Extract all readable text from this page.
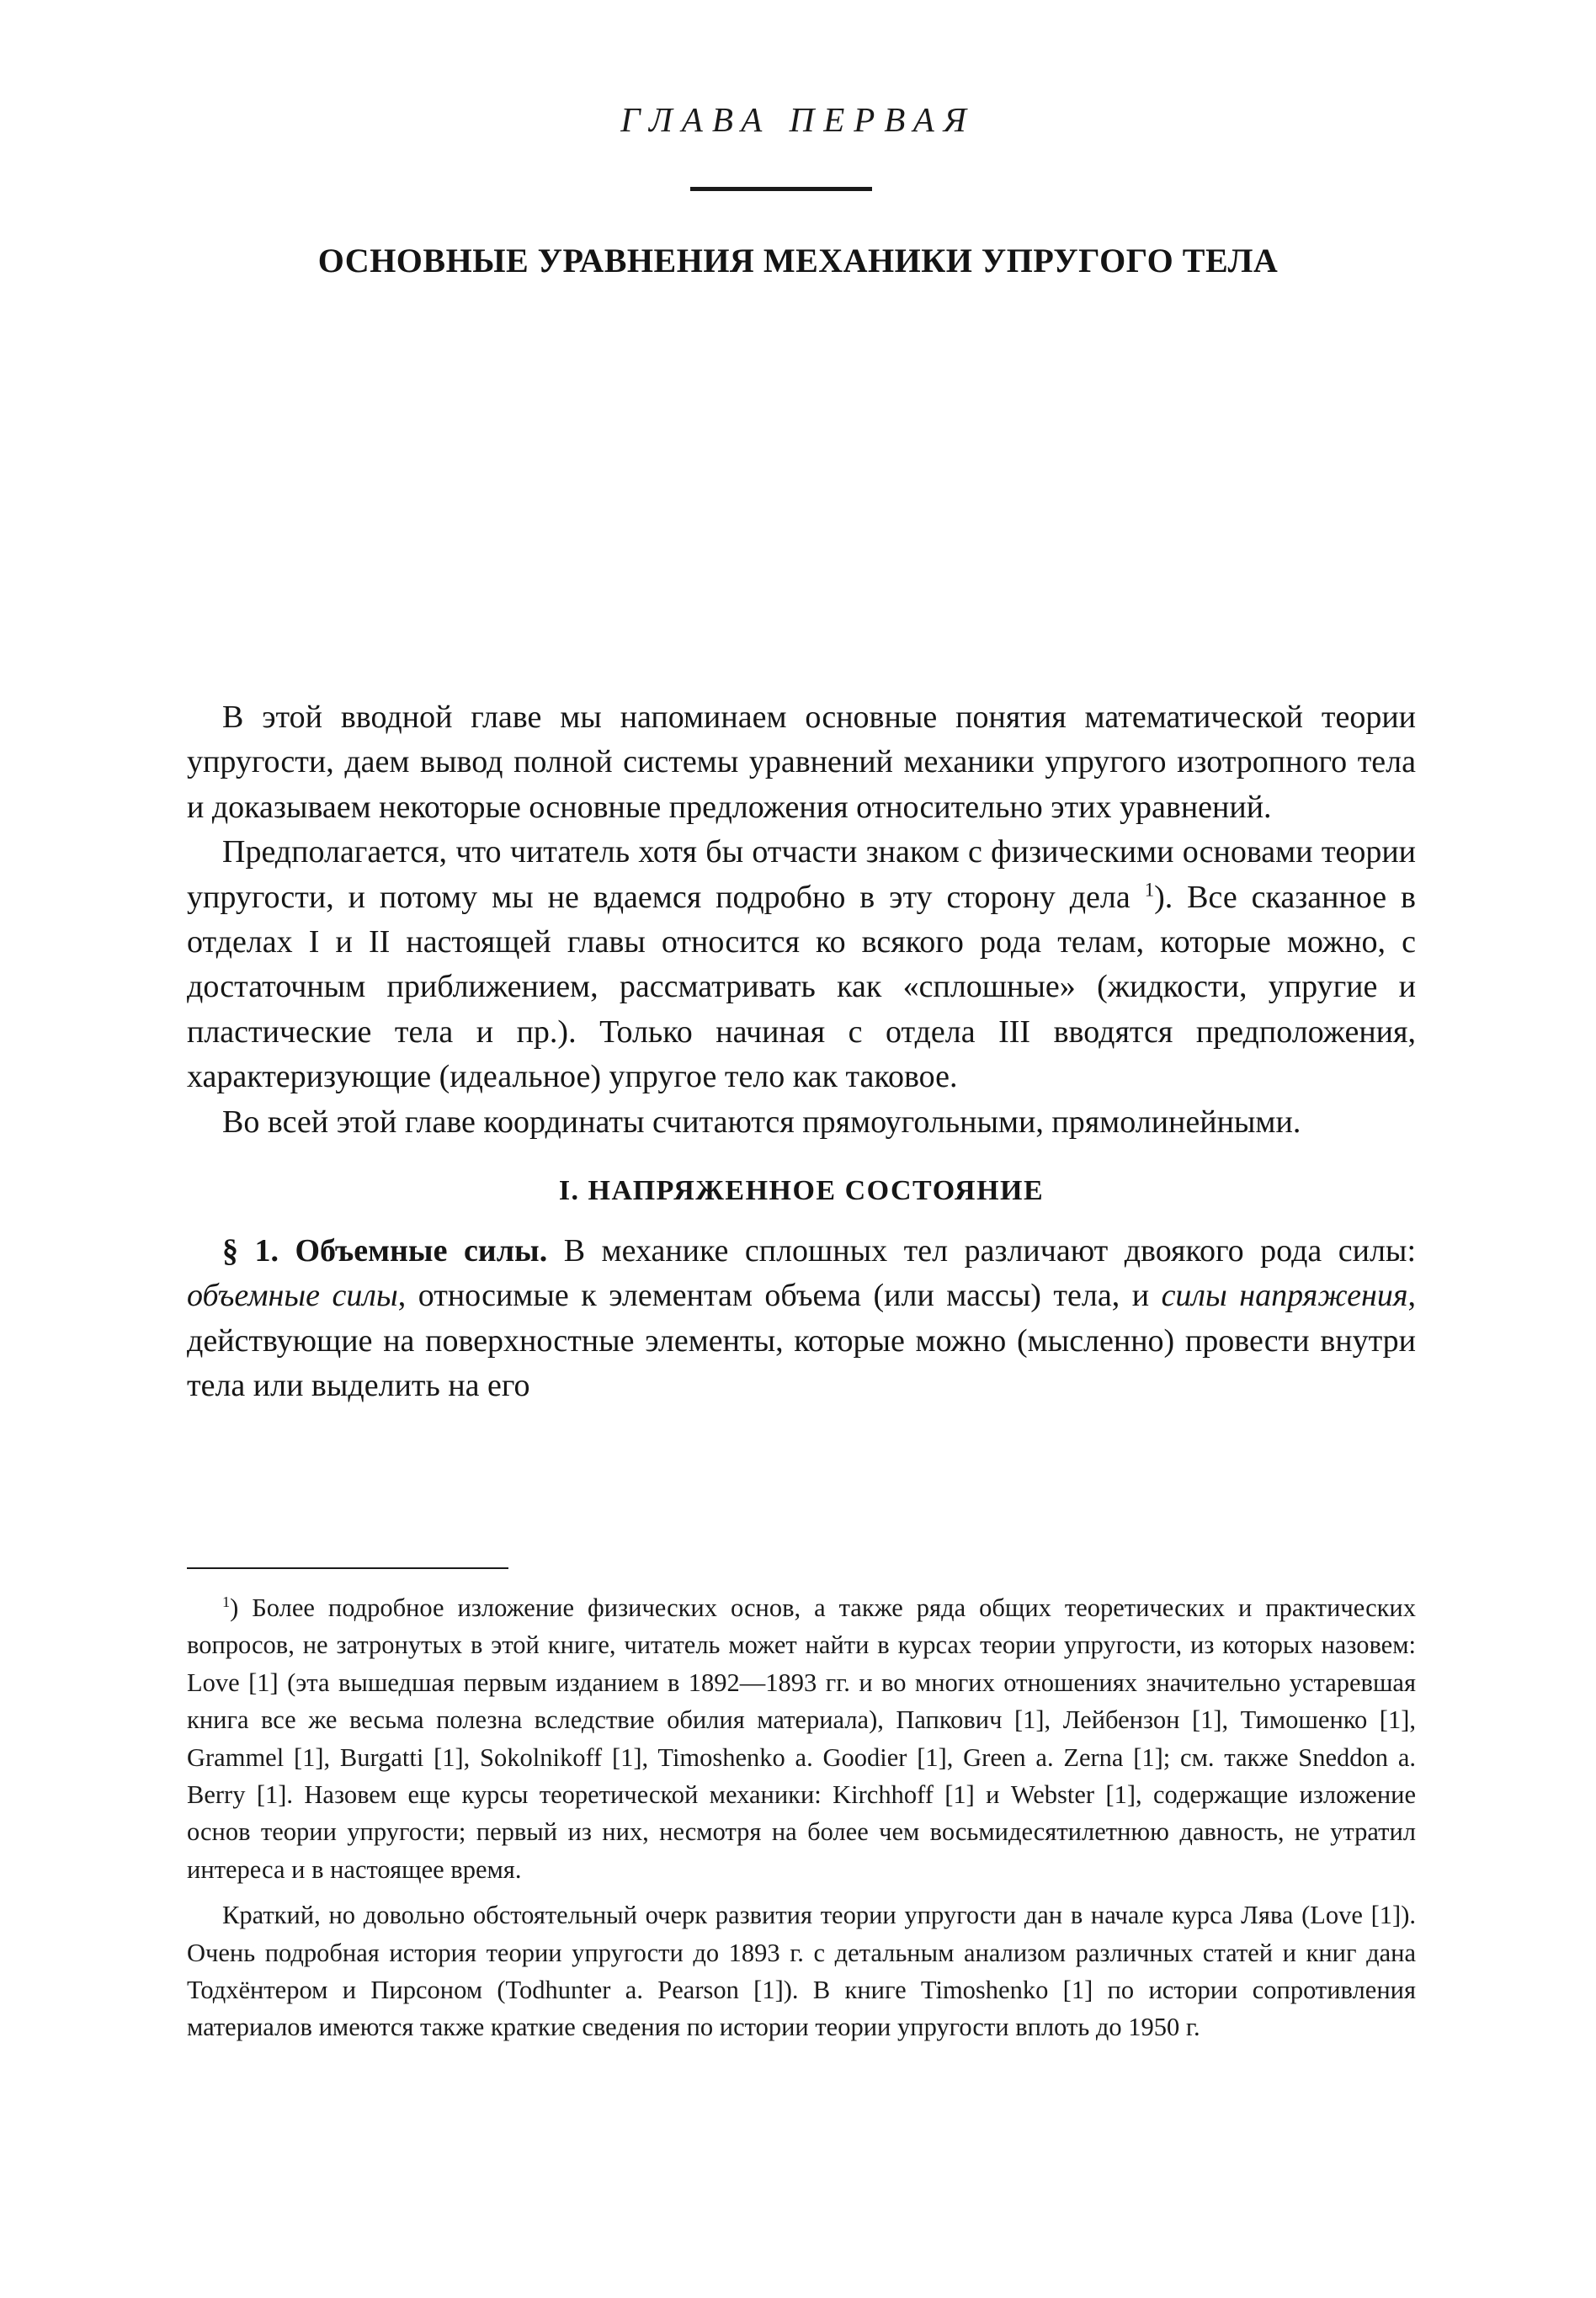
ГЛАВА ПЕРВАЯ
ОСНОВНЫЕ УРАВНЕНИЯ МЕХАНИКИ УПРУГОГО ТЕЛА

В этой вводной главе мы напоминаем основные понятия математической теории упругости, даем вывод полной системы уравнений механики упругого изотропного тела и доказываем некоторые основные предложения относительно этих уравнений.

Предполагается, что читатель хотя бы отчасти знаком с физическими основами теории упругости, и потому мы не вдаемся подробно в эту сторону дела $^1$). Все сказанное в отделах I и II настоящей главы относится ко всякого рода телам, которые можно, с достаточным приближением, рассматривать как «сплошные» (жидкости, упругие и пластические тела и пр.). Только начиная с отдела III вводятся предположения, характеризующие (идеальное) упругое тело как таковое.

Во всей этой главе координаты считаются прямоугольными, прямолинейными.

I. НАПРЯЖЕННОЕ СОСТОЯНИЕ

§ 1. Объемные силы. В механике сплошных тел различают двоякого рода силы: объемные силы, относимые к элементам объема (или массы) тела, и силы напряжения, действующие на поверхностные элементы, которые можно (мысленно) провести внутри тела или выделить на его

$^1$) Более подробное изложение физических основ, а также ряда общих теоретических и практических вопросов, не затронутых в этой книге, читатель может найти в курсах теории упругости, из которых назовем: Love [1] (эта вышедшая первым изданием в 1892—1893 гг. и во многих отношениях значительно устаревшая книга все же весьма полезна вследствие обилия материала), Папкович [1], Лейбензон [1], Тимошенко [1], Grammel [1], Burgatti [1], Sokolnikoff [1], Timoshenko a. Goodier [1], Green a. Zerna [1]; см. также Sneddon a. Berry [1]. Назовем еще курсы теоретической механики: Kirchhoff [1] и Webster [1], содержащие изложение основ теории упругости; первый из них, несмотря на более чем восьмидесятилетнюю давность, не утратил интереса и в настоящее время.

Краткий, но довольно обстоятельный очерк развития теории упругости дан в начале курса Лява (Love [1]). Очень подробная история теории упругости до 1893 г. с детальным анализом различных статей и книг дана Тодхёнтером и Пирсоном (Todhunter a. Pearson [1]). В книге Timoshenko [1] по истории сопротивления материалов имеются также краткие сведения по истории теории упругости вплоть до 1950 г.
